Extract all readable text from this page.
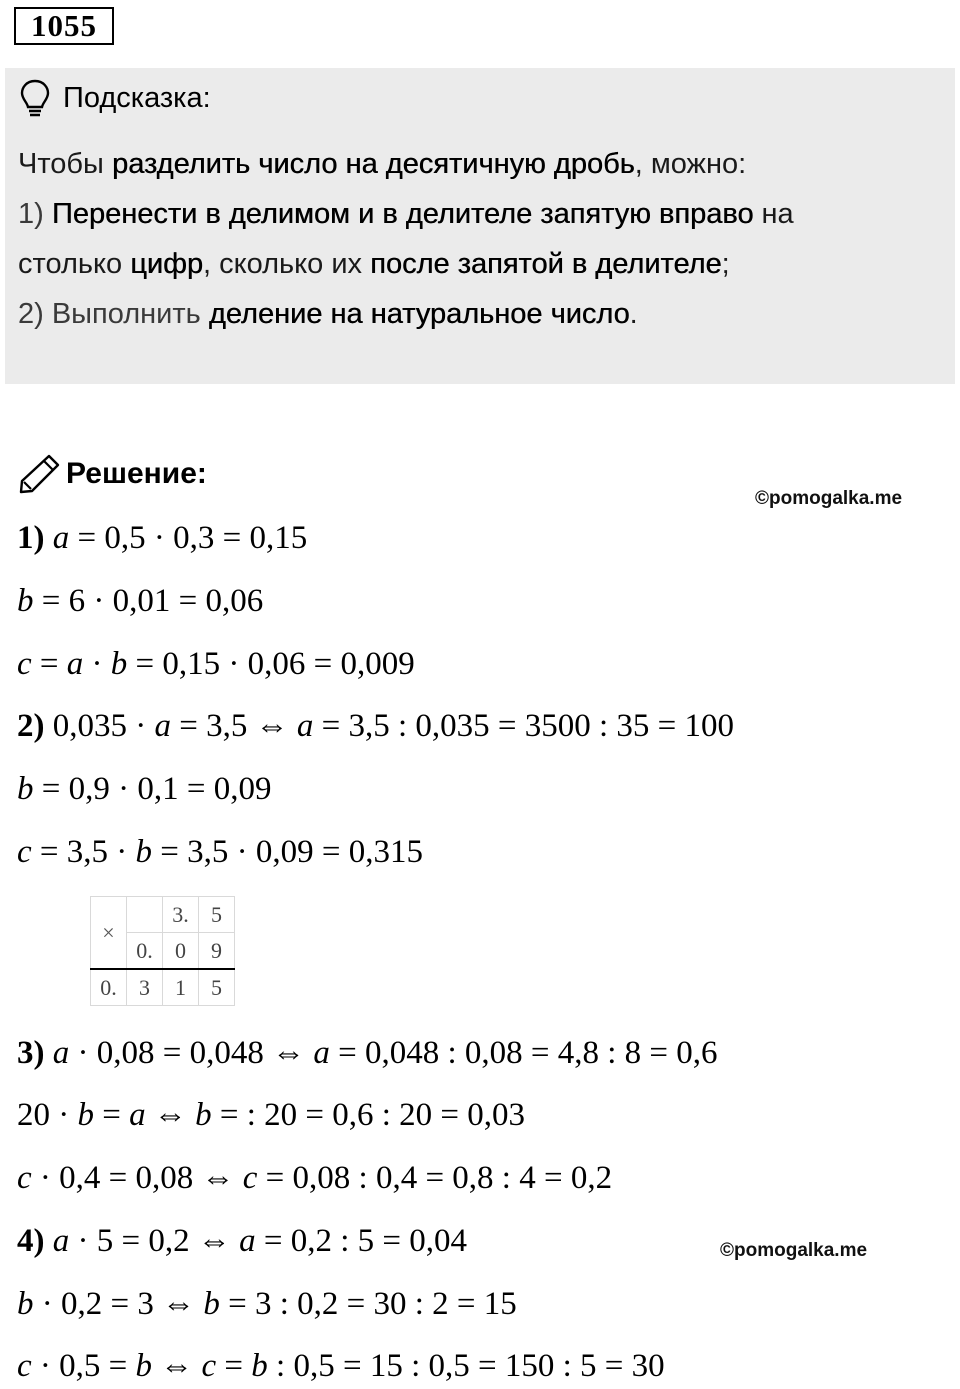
1055
Подсказка:
Чтобы разделить число на десятичную дробь, можно:
1) Перенести в делимом и в делителе запятую вправо на
столько цифр, сколько их после запятой в делителе;
2) Выполнить деление на натуральное число.
Решение:
©pomogalka.me
1) a = 0,5 · 0,3 = 0,15
b = 6 · 0,01 = 0,06
c = a · b = 0,15 · 0,06 = 0,009
2) 0,035 · a = 3,5 ⇔ a = 3,5 : 0,035 = 3500 : 35 = 100
b = 0,9 · 0,1 = 0,09
c = 3,5 · b = 3,5 · 0,09 = 0,315
×		3.	5
	0.	0	9
0.	3	1	5
3) a · 0,08 = 0,048 ⇔ a = 0,048 : 0,08 = 4,8 : 8 = 0,6
20 · b = a ⇔ b = : 20 = 0,6 : 20 = 0,03
c · 0,4 = 0,08 ⇔ c = 0,08 : 0,4 = 0,8 : 4 = 0,2
4) a · 5 = 0,2 ⇔ a = 0,2 : 5 = 0,04	©pomogalka.me
b · 0,2 = 3 ⇔ b = 3 : 0,2 = 30 : 2 = 15
c · 0,5 = b ⇔ c = b : 0,5 = 15 : 0,5 = 150 : 5 = 30
